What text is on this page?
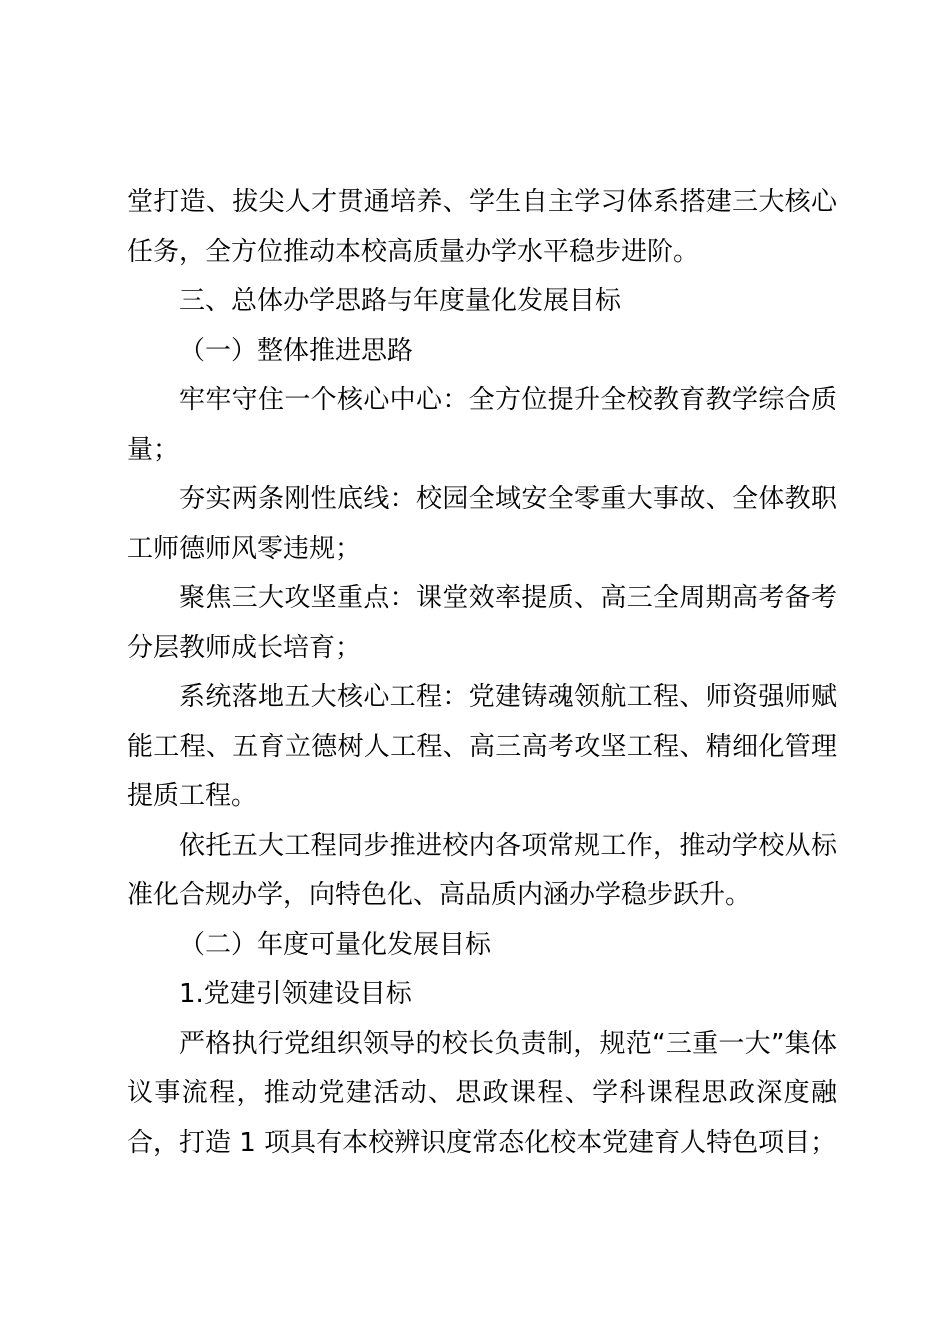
堂打造、拔尖人才贯通培养、学生自主学习体系搭建三大核心任务，全方位推动本校高质量办学水平稳步进阶。

三、总体办学思路与年度量化发展目标

（一）整体推进思路

牢牢守住一个核心中心：全方位提升全校教育教学综合质量；

夯实两条刚性底线：校园全域安全零重大事故、全体教职工师德师风零违规；

聚焦三大攻坚重点：课堂效率提质、高三全周期高考备考分层教师成长培育；

系统落地五大核心工程：党建铸魂领航工程、师资强师赋能工程、五育立德树人工程、高三高考攻坚工程、精细化管理提质工程。

依托五大工程同步推进校内各项常规工作，推动学校从标准化合规办学，向特色化、高品质内涵办学稳步跃升。

（二）年度可量化发展目标

1.党建引领建设目标

严格执行党组织领导的校长负责制，规范“三重一大”集体议事流程，推动党建活动、思政课程、学科课程思政深度融合，打造 1 项具有本校辨识度常态化校本党建育人特色项目；
